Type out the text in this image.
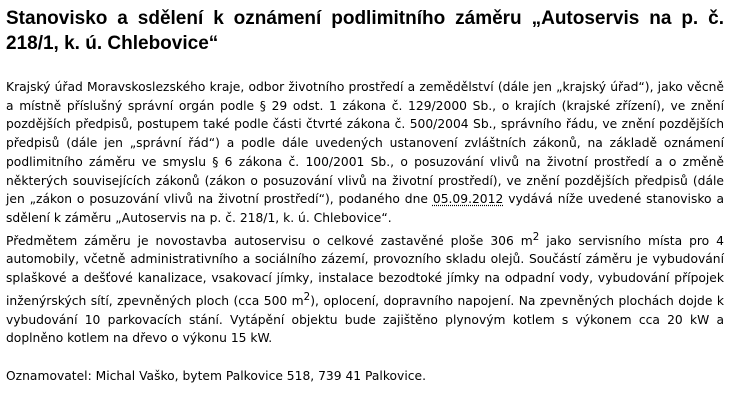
Stanovisko a sdělení k oznámení podlimitního záměru „Autoservis na p. č. 218/1, k. ú. Chlebovice“

Krajský úřad Moravskoslezského kraje, odbor životního prostředí a zemědělství (dále jen „krajský úřad“), jako věcně a místně příslušný správní orgán podle § 29 odst. 1 zákona č. 129/2000 Sb., o krajích (krajské zřízení), ve znění pozdějších předpisů, postupem také podle části čtvrté zákona č. 500/2004 Sb., správního řádu, ve znění pozdějších předpisů (dále jen „správní řád“) a podle dále uvedených ustanovení zvláštních zákonů, na základě oznámení podlimitního záměru ve smyslu § 6 zákona č. 100/2001 Sb., o posuzování vlivů na životní prostředí a o změně některých souvisejících zákonů (zákon o posuzování vlivů na životní prostředí), ve znění pozdějších předpisů (dále jen „zákon o posuzování vlivů na životní prostředí“), podaného dne 05.09.2012 vydává níže uvedené stanovisko a sdělení k záměru „Autoservis na p. č. 218/1, k. ú. Chlebovice“.

Předmětem záměru je novostavba autoservisu o celkové zastavěné ploše 306 $m^2$ jako servisního místa pro 4 automobily, včetně administrativního a sociálního zázemí, provozního skladu olejů. Součástí záměru je vybudování splaškové a dešťové kanalizace, vsakovací jímky, instalace bezodtoké jímky na odpadní vody, vybudování přípojek inženýrských sítí, zpevněných ploch (cca 500 $m^2$), oplocení, dopravního napojení. Na zpevněných plochách dojde k vybudování 10 parkovacích stání. Vytápění objektu bude zajištěno plynovým kotlem s výkonem cca 20 kW a doplněno kotlem na dřevo o výkonu 15 kW.

Oznamovatel: Michal Vaško, bytem Palkovice 518, 739 41 Palkovice.
